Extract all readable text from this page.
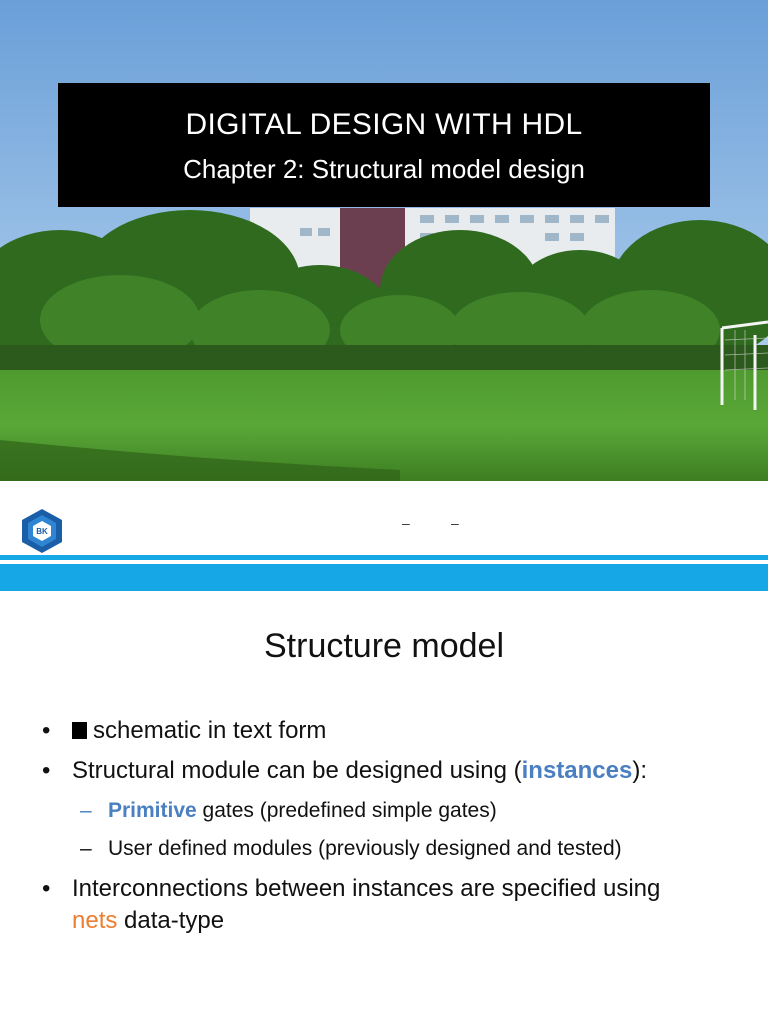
DIGITAL DESIGN WITH HDL
Chapter 2: Structural model design
BK
–	–
Structure model
•	schematic in text form
• Structural module can be designed using (instances):
– Primitive gates (predefined simple gates)
– User defined modules (previously designed and tested)
• Interconnections between instances are specified using
nets data-type
